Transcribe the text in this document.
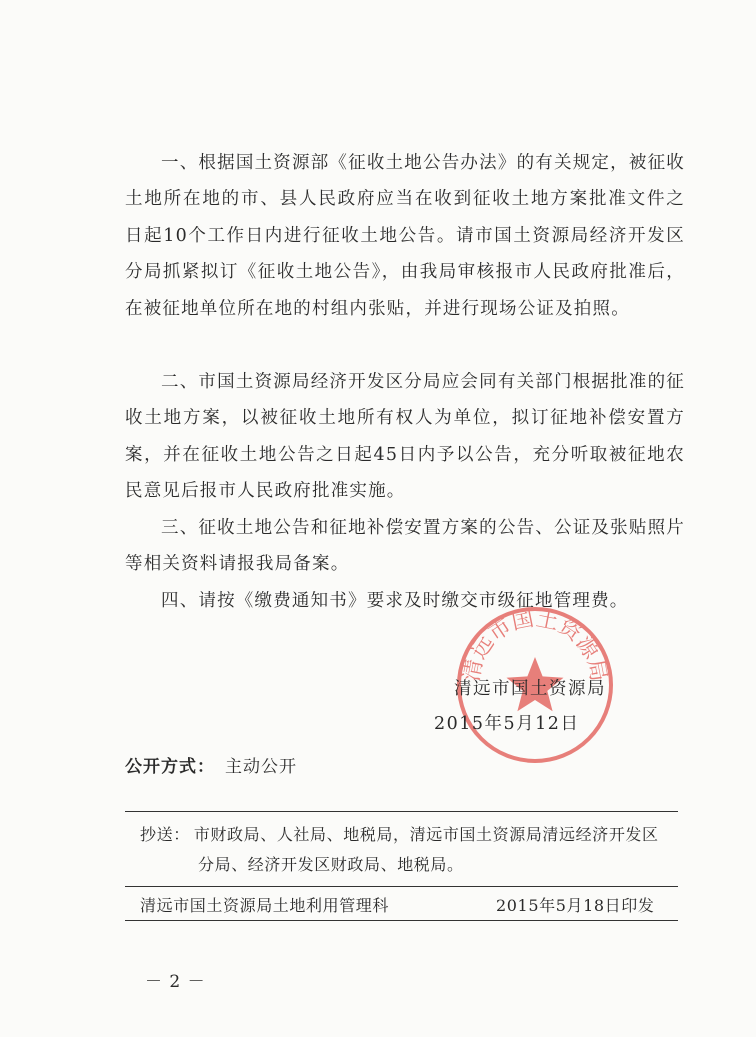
一、根据国土资源部《征收土地公告办法》的有关规定，被征收土地所在地的市、县人民政府应当在收到征收土地方案批准文件之日起10个工作日内进行征收土地公告。请市国土资源局经济开发区分局抓紧拟订《征收土地公告》，由我局审核报市人民政府批准后，在被征地单位所在地的村组内张贴，并进行现场公证及拍照。

二、市国土资源局经济开发区分局应会同有关部门根据批准的征收土地方案，以被征收土地所有权人为单位，拟订征地补偿安置方案，并在征收土地公告之日起45日内予以公告，充分听取被征地农民意见后报市人民政府批准实施。

三、征收土地公告和征地补偿安置方案的公告、公证及张贴照片等相关资料请报我局备案。

四、请按《缴费通知书》要求及时缴交市级征地管理费。

清远市国土资源局
清远市国土资源局
2015年5月12日
公开方式： 主动公开
抄送： 市财政局、人社局、地税局，清远市国土资源局清远经济开发区
分局、经济开发区财政局、地税局。
清远市国土资源局土地利用管理科	2015年5月18日印发
－ 2 －
